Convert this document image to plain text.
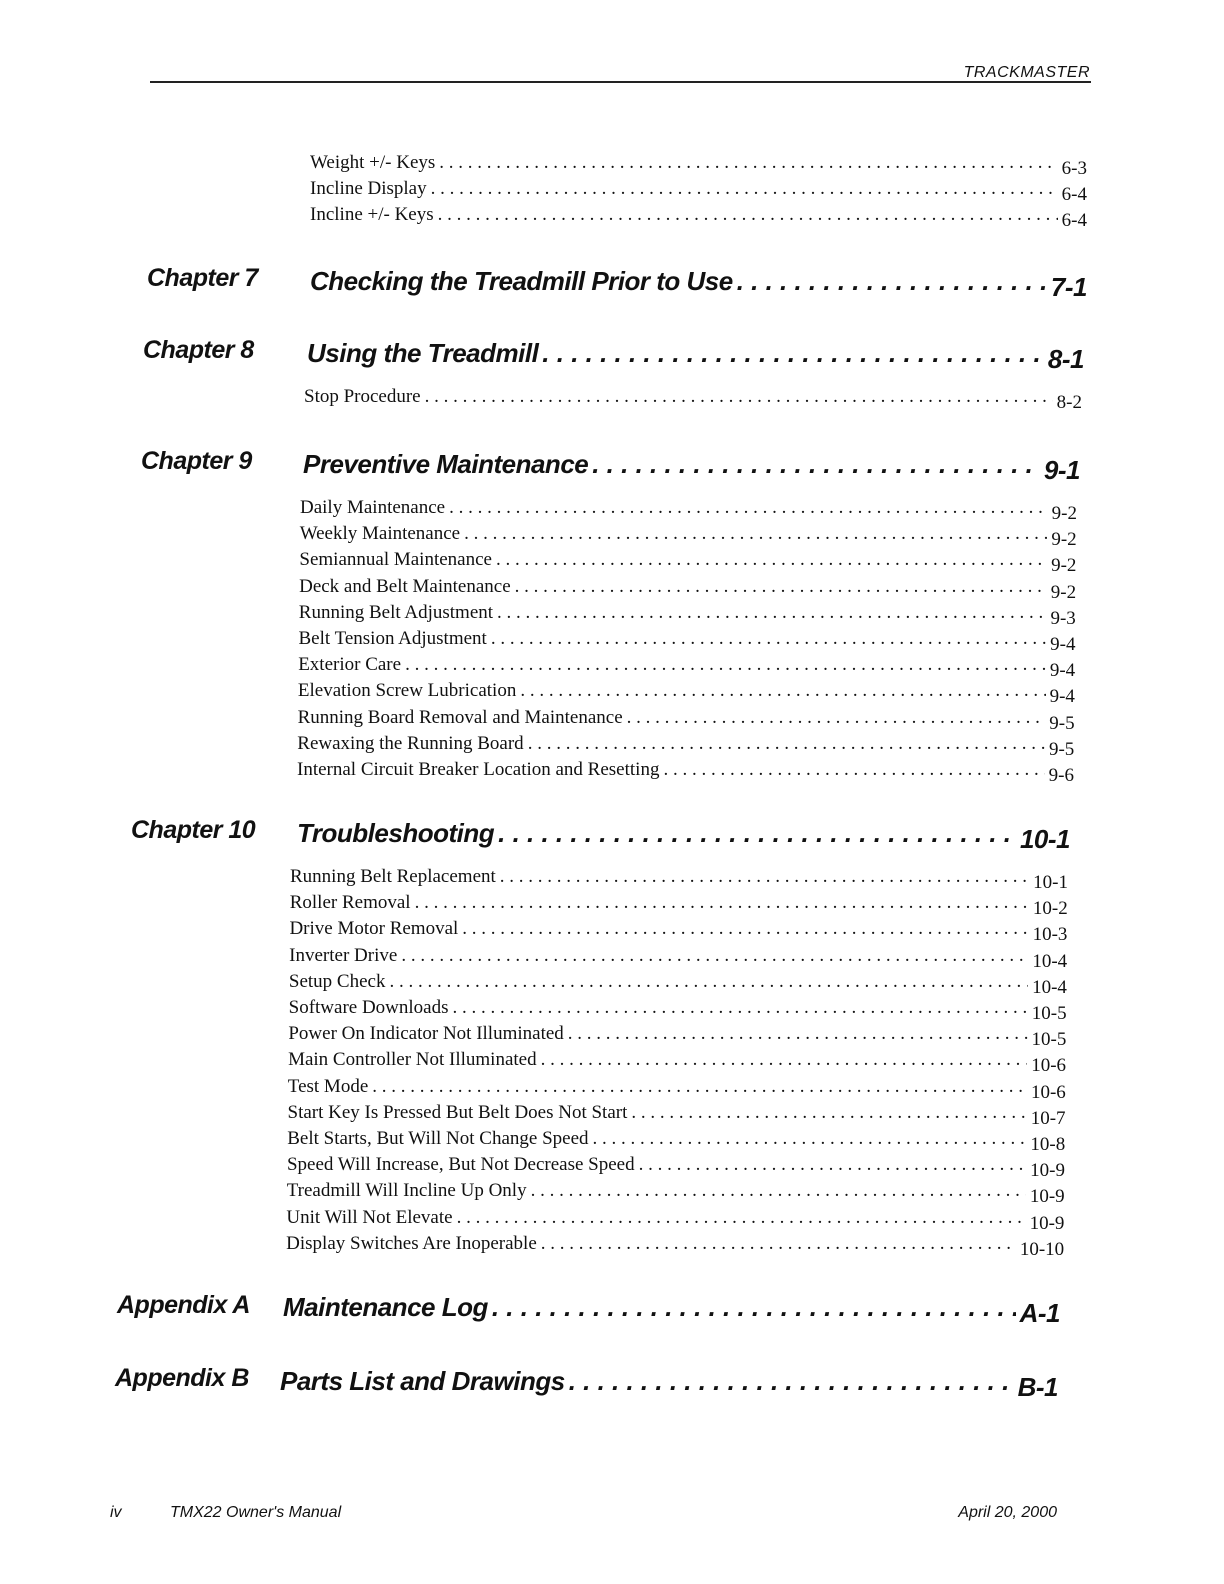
TRACKMASTER
Weight +/- Keys . . .	6-3
Incline Display . . .	6-4
Incline +/- Keys . . .	6-4
Chapter 7 Checking the Treadmill Prior to Use . . .	7-1
Chapter 8 Using the Treadmill . . .	8-1
Stop Procedure . . .	8-2
Chapter 9 Preventive Maintenance . . .	9-1
Daily Maintenance . . .	9-2
Weekly Maintenance . . .	9-2
Semiannual Maintenance . . .	9-2
Deck and Belt Maintenance . . .	9-2
Running Belt Adjustment . . .	9-3
Belt Tension Adjustment . . .	9-4
Exterior Care . . .	9-4
Elevation Screw Lubrication . . .	9-4
Running Board Removal and Maintenance . . .	9-5
Rewaxing the Running Board . . .	9-5
Internal Circuit Breaker Location and Resetting . . .	9-6
Chapter 10 Troubleshooting . . .	10-1
Running Belt Replacement . . .	10-1
Roller Removal . . .	10-2
Drive Motor Removal . . .	10-3
Inverter Drive . . .	10-4
Setup Check . . .	10-4
Software Downloads . . .	10-5
Power On Indicator Not Illuminated . . .	10-5
Main Controller Not Illuminated . . .	10-6
Test Mode . . .	10-6
Start Key Is Pressed But Belt Does Not Start . . .	10-7
Belt Starts, But Will Not Change Speed . . .	10-8
Speed Will Increase, But Not Decrease Speed . . .	10-9
Treadmill Will Incline Up Only . . .	10-9
Unit Will Not Elevate . . .	10-9
Display Switches Are Inoperable . . .	10-10
Appendix A Maintenance Log . . .	A-1
Appendix B Parts List and Drawings . . .	B-1
iv	TMX22 Owner's Manual	April 20, 2000
